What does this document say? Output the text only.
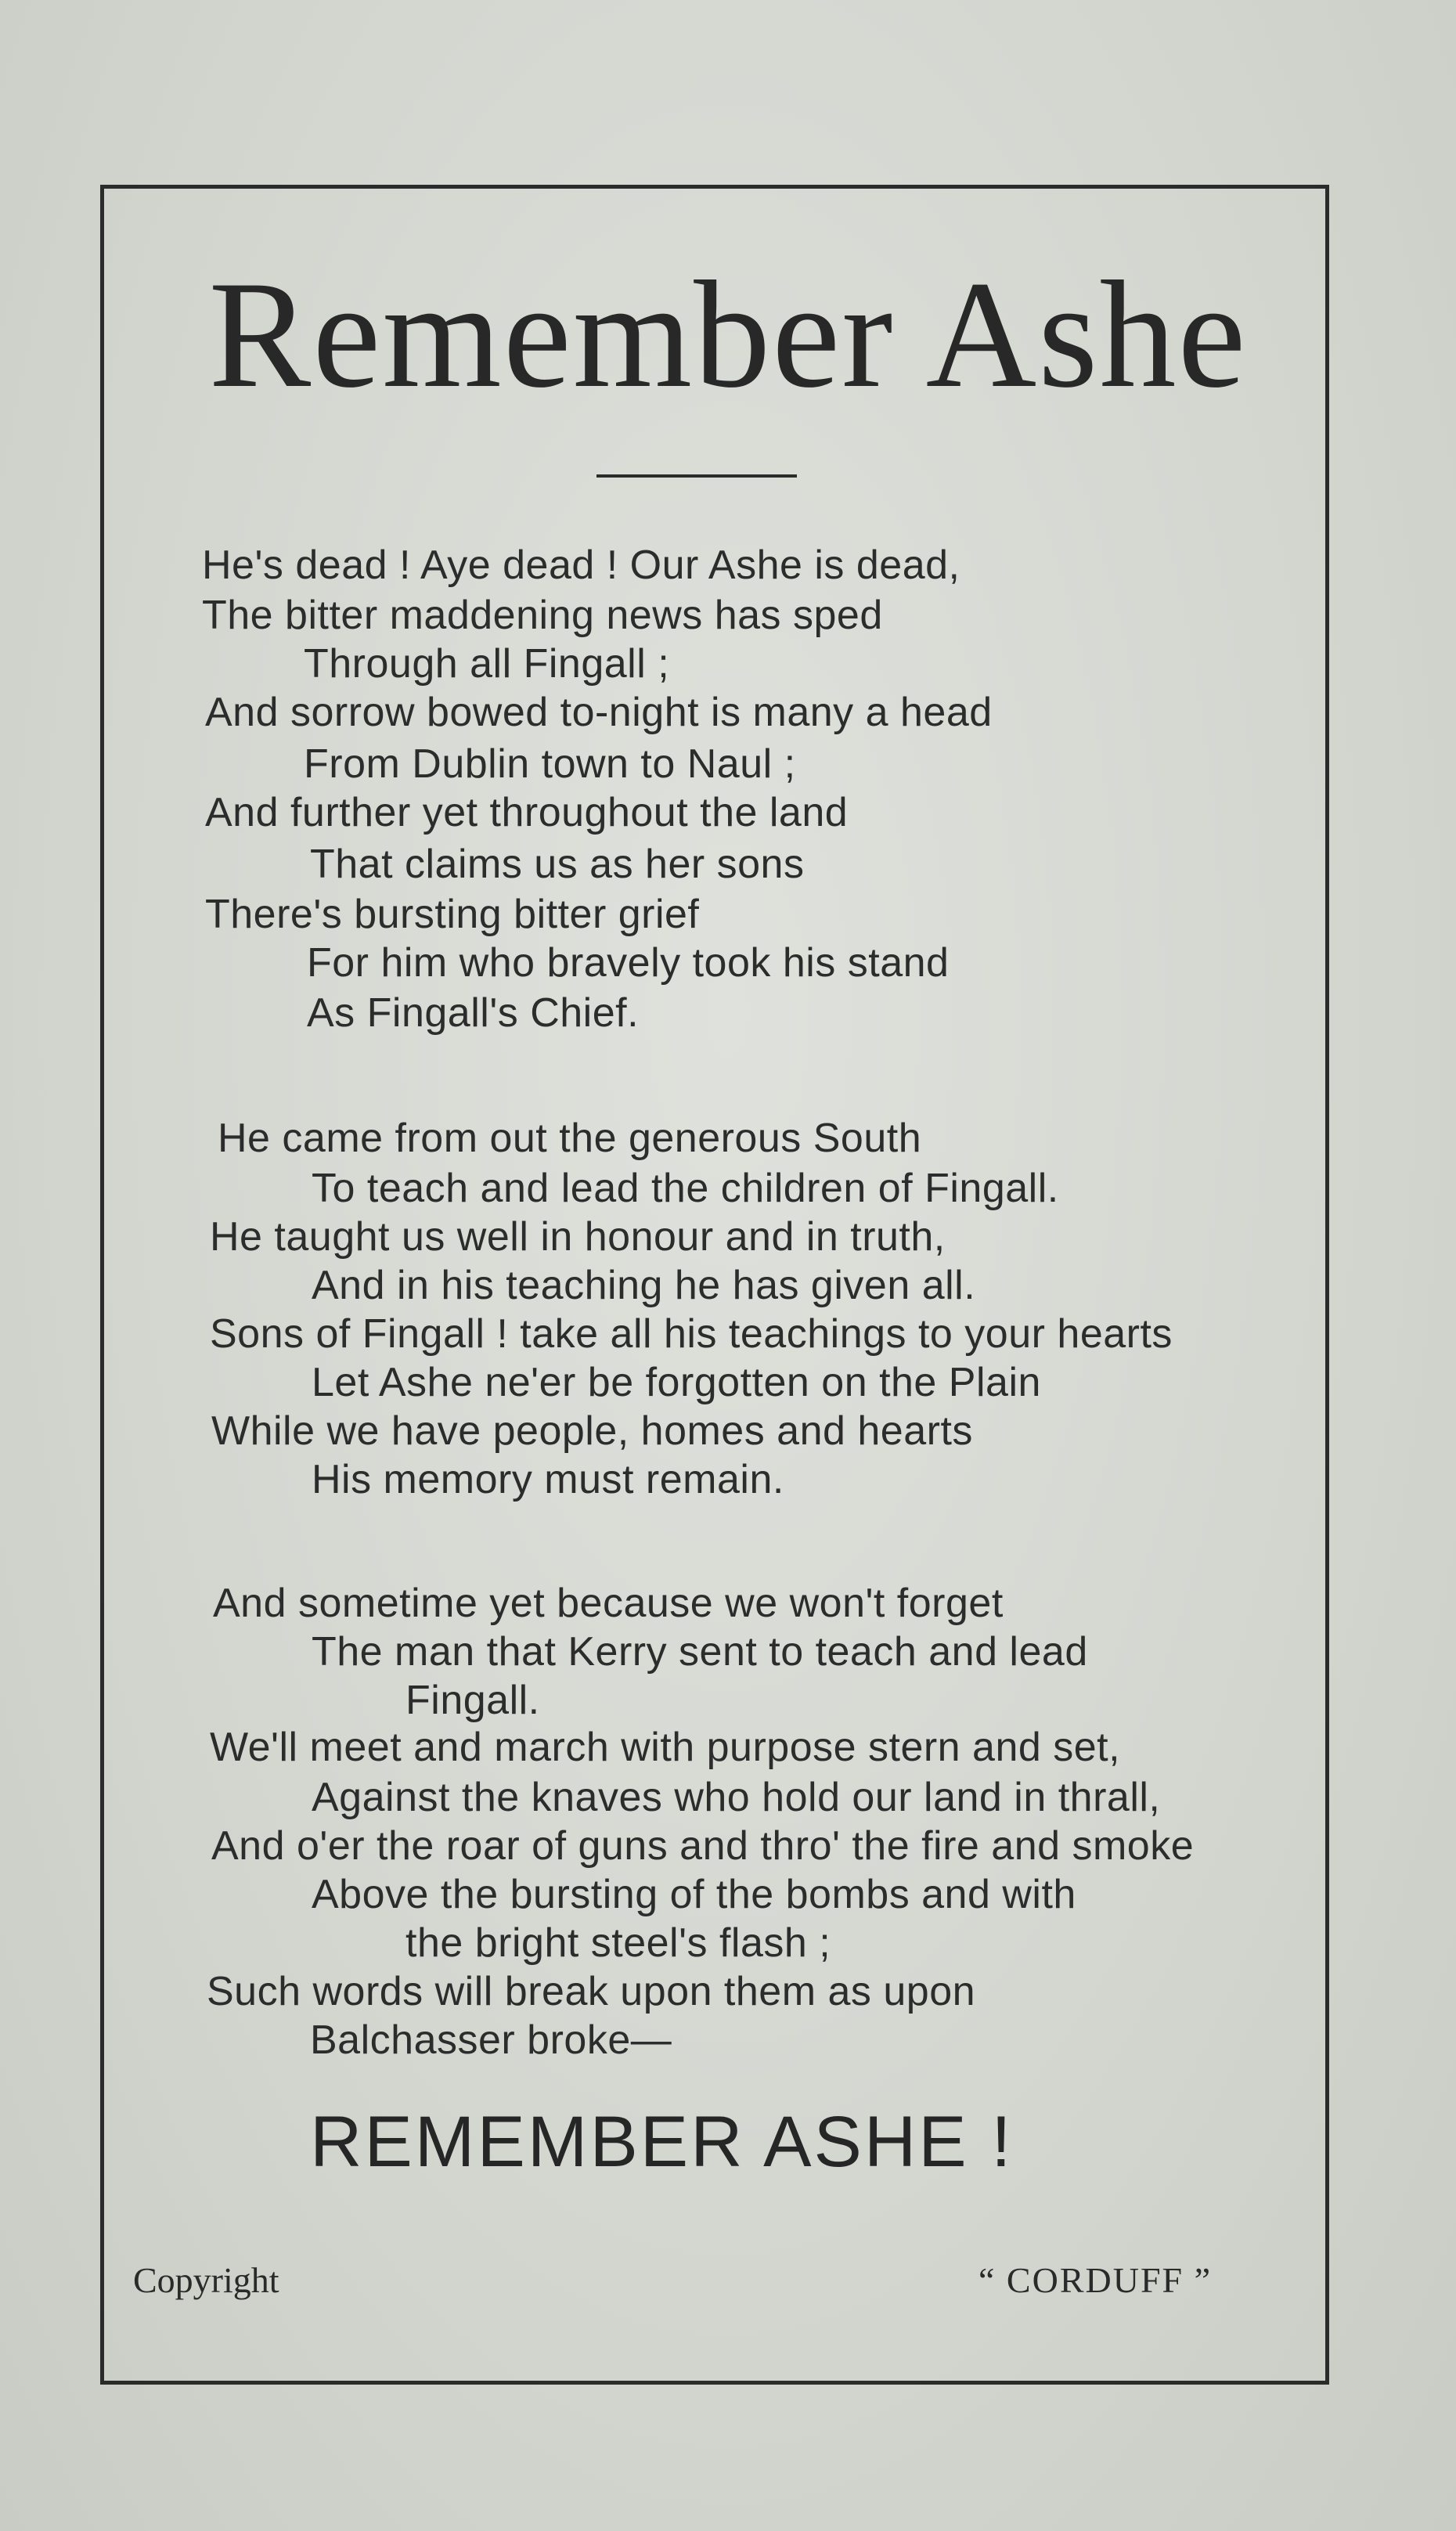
Remember Ashe
He's dead ! Aye dead ! Our Ashe is dead,
The bitter maddening news has sped
Through all Fingall ;
And sorrow bowed to-night is many a head
From Dublin town to Naul ;
And further yet throughout the land
That claims us as her sons
There's bursting bitter grief
For him who bravely took his stand
As Fingall's Chief.
He came from out the generous South
To teach and lead the children of Fingall.
He taught us well in honour and in truth,
And in his teaching he has given all.
Sons of Fingall ! take all his teachings to your hearts
Let Ashe ne'er be forgotten on the Plain
While we have people, homes and hearts
His memory must remain.
And sometime yet because we won't forget
The man that Kerry sent to teach and lead
Fingall.
We'll meet and march with purpose stern and set,
Against the knaves who hold our land in thrall,
And o'er the roar of guns and thro' the fire and smoke
Above the bursting of the bombs and with
the bright steel's flash ;
Such words will break upon them as upon
Balchasser broke—
REMEMBER ASHE !
Copyright	“ CORDUFF ”
